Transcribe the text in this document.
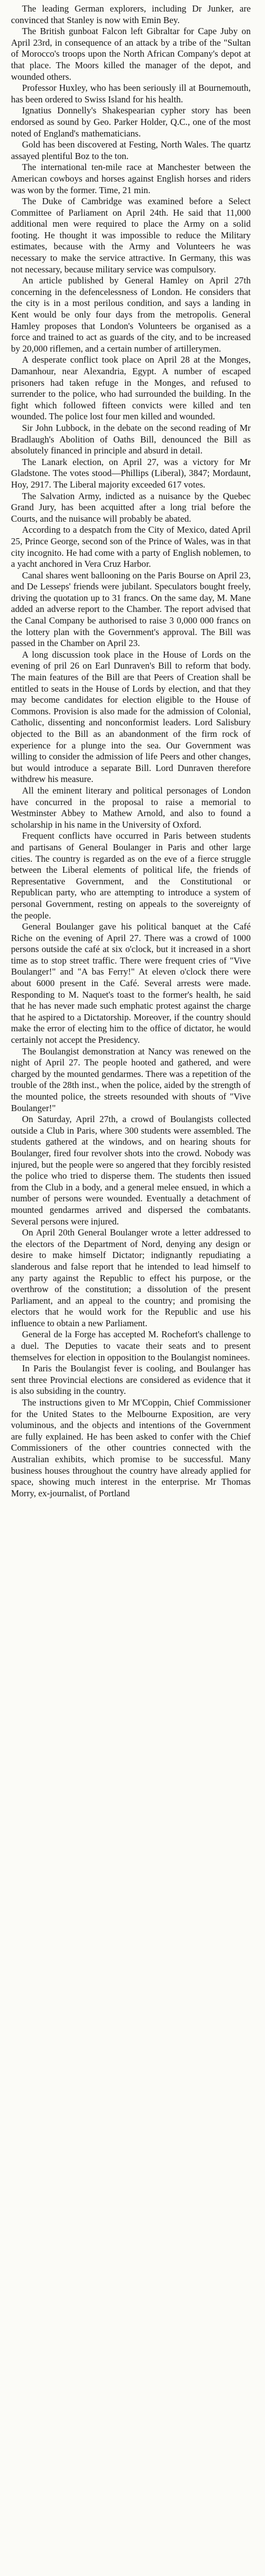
The leading German explorers, including Dr Junker, are convinced that Stanley is now with Emin Bey.

The British gunboat Falcon left Gibraltar for Cape Juby on April 23rd, in consequence of an attack by a tribe of the "Sultan of Morocco's troops upon the North African Company's depot at that place. The Moors killed the manager of the depot, and wounded others.

Professor Huxley, who has been seriously ill at Bournemouth, has been ordered to Swiss Island for his health.

Ignatius Donnelly's Shakespearian cypher story has been endorsed as sound by Geo. Parker Holder, Q.C., one of the most noted of England's mathematicians.

Gold has been discovered at Festing, North Wales. The quartz assayed plentiful Boz to the ton.

The international ten-mile race at Manchester between the American cowboys and horses against English horses and riders was won by the former. Time, 21 min.

The Duke of Cambridge was examined before a Select Committee of Parliament on April 24th. He said that 11,000 additional men were required to place the Army on a solid footing. He thought it was impossible to reduce the Military estimates, because with the Army and Volunteers he was necessary to make the service attractive. In Germany, this was not necessary, because military service was compulsory.

An article published by General Hamley on April 27th concerning in the defencelessness of London. He considers that the city is in a most perilous condition, and says a landing in Kent would be only four days from the metropolis. General Hamley proposes that London's Volunteers be organised as a force and trained to act as guards of the city, and to be increased by 20,000 riflemen, and a certain number of artillerymen.

A desperate conflict took place on April 28 at the Monges, Damanhour, near Alexandria, Egypt. A number of escaped prisoners had taken refuge in the Monges, and refused to surrender to the police, who had surrounded the building. In the fight which followed fifteen convicts were killed and ten wounded. The police lost four men killed and wounded.

Sir John Lubbock, in the debate on the second reading of Mr Bradlaugh's Abolition of Oaths Bill, denounced the Bill as absolutely financed in principle and absurd in detail.

The Lanark election, on April 27, was a victory for Mr Gladstone. The votes stood—Phillips (Liberal), 3847; Mordaunt, Hoy, 2917. The Liberal majority exceeded 617 votes.

The Salvation Army, indicted as a nuisance by the Quebec Grand Jury, has been acquitted after a long trial before the Courts, and the nuisance will probably be abated.

According to a despatch from the City of Mexico, dated April 25, Prince George, second son of the Prince of Wales, was in that city incognito. He had come with a party of English noblemen, to a yacht anchored in Vera Cruz Harbor.

Canal shares went ballooning on the Paris Bourse on April 23, and De Lesseps' friends were jubilant. Speculators bought freely, driving the quotation up to 31 francs. On the same day, M. Mane added an adverse report to the Chamber. The report advised that the Canal Company be authorised to raise 3 0,000 000 francs on the lottery plan with the Government's approval. The Bill was passed in the Chamber on April 23.

A long discussion took place in the House of Lords on the evening of pril 26 on Earl Dunraven's Bill to reform that body. The main features of the Bill are that Peers of Creation shall be entitled to seats in the House of Lords by election, and that they may become candidates for election eligible to the House of Commons. Provision is also made for the admission of Colonial, Catholic, dissenting and nonconformist leaders. Lord Salisbury objected to the Bill as an abandonment of the firm rock of experience for a plunge into the sea. Our Government was willing to consider the admission of life Peers and other changes, but would introduce a separate Bill. Lord Dunraven therefore withdrew his measure.

All the eminent literary and political personages of London have concurred in the proposal to raise a memorial to Westminster Abbey to Mathew Arnold, and also to found a scholarship in his name in the University of Oxford.

Frequent conflicts have occurred in Paris between students and partisans of General Boulanger in Paris and other large cities. The country is regarded as on the eve of a fierce struggle between the Liberal elements of political life, the friends of Representative Government, and the Constitutional or Republican party, who are attempting to introduce a system of personal Government, resting on appeals to the sovereignty of the people.

General Boulanger gave his political banquet at the Café Riche on the evening of April 27. There was a crowd of 1000 persons outside the café at six o'clock, but it increased in a short time as to stop street traffic. There were frequent cries of "Vive Boulanger!" and "A bas Ferry!" At eleven o'clock there were about 6000 present in the Café. Several arrests were made. Responding to M. Naquet's toast to the former's health, he said that he has never made such emphatic protest against the charge that he aspired to a Dictatorship. Moreover, if the country should make the error of electing him to the office of dictator, he would certainly not accept the Presidency.

The Boulangist demonstration at Nancy was renewed on the night of April 27. The people hooted and gathered, and were charged by the mounted gendarmes. There was a repetition of the trouble of the 28th inst., when the police, aided by the strength of the mounted police, the streets resounded with shouts of "Vive Boulanger!"

On Saturday, April 27th, a crowd of Boulangists collected outside a Club in Paris, where 300 students were assembled. The students gathered at the windows, and on hearing shouts for Boulanger, fired four revolver shots into the crowd. Nobody was injured, but the people were so angered that they forcibly resisted the police who tried to disperse them. The students then issued from the Club in a body, and a general melee ensued, in which a number of persons were wounded. Eventually a detachment of mounted gendarmes arrived and dispersed the combatants. Several persons were injured.

On April 20th General Boulanger wrote a letter addressed to the electors of the Department of Nord, denying any design or desire to make himself Dictator; indignantly repudiating a slanderous and false report that he intended to lead himself to any party against the Republic to effect his purpose, or the overthrow of the constitution; a dissolution of the present Parliament, and an appeal to the country; and promising the electors that he would work for the Republic and use his influence to obtain a new Parliament.

General de la Forge has accepted M. Rochefort's challenge to a duel. The Deputies to vacate their seats and to present themselves for election in opposition to the Boulangist nominees.

In Paris the Boulangist fever is cooling, and Boulanger has sent three Provincial elections are considered as evidence that it is also subsiding in the country.

The instructions given to Mr M'Coppin, Chief Commissioner for the United States to the Melbourne Exposition, are very voluminous, and the objects and intentions of the Government are fully explained. He has been asked to confer with the Chief Commissioners of the other countries connected with the Australian exhibits, which promise to be successful. Many business houses throughout the country have already applied for space, showing much interest in the enterprise. Mr Thomas Morry, ex-journalist, of Portland
